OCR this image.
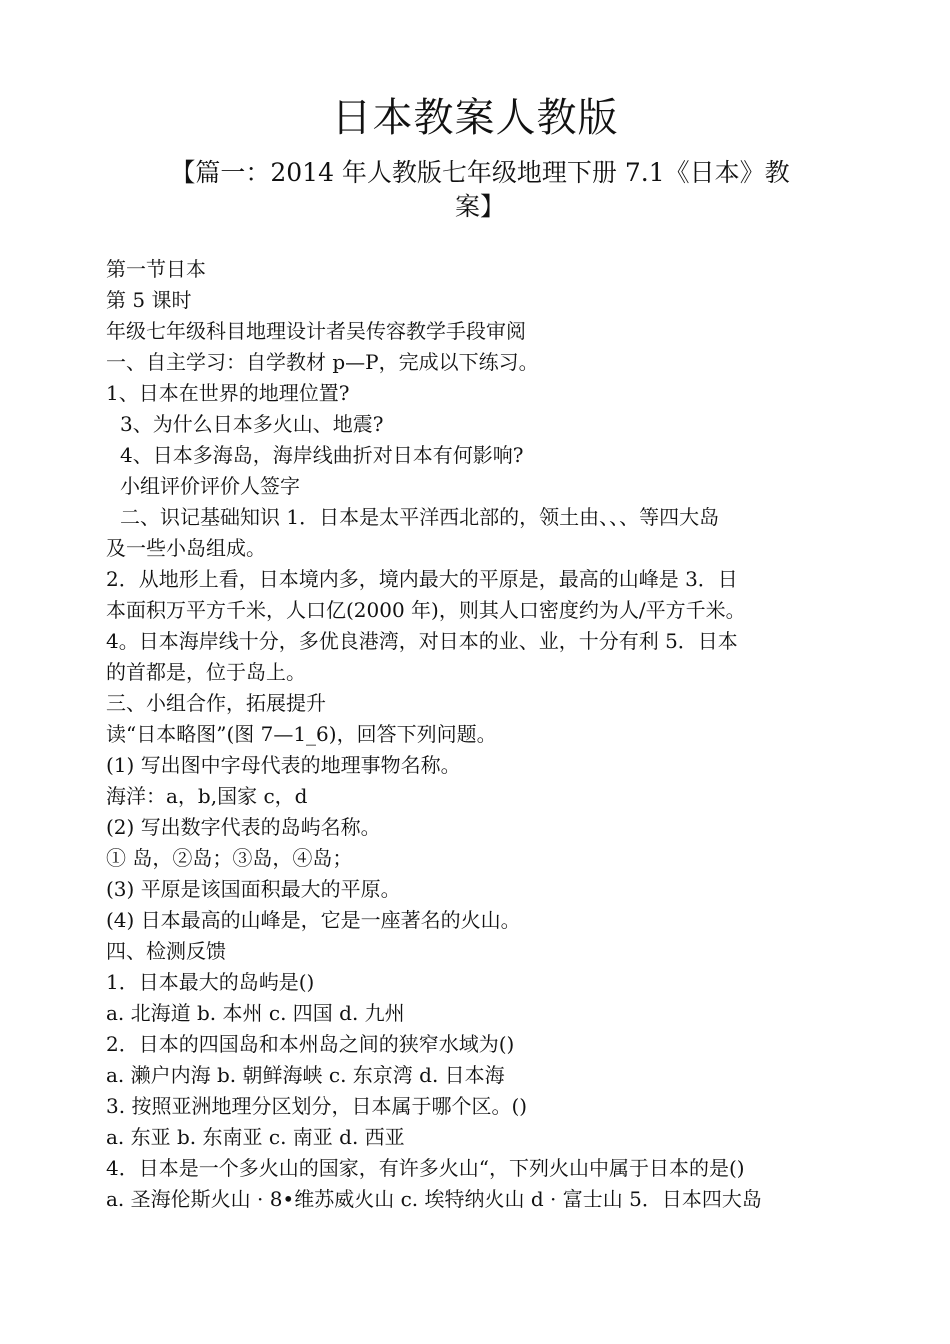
日本教案人教版
【篇一：2014 年人教版七年级地理下册 7.1《日本》教
案】
第一节日本
第 5 课时
年级七年级科目地理设计者吴传容教学手段审阅
一、自主学习：自学教材 p—P，完成以下练习。
1、日本在世界的地理位置?
3、为什么日本多火山、地震?
4、日本多海岛，海岸线曲折对日本有何影响?
小组评价评价人签字
二、识记基础知识 1．日本是太平洋西北部的，领土由、、、等四大岛
及一些小岛组成。
2．从地形上看，日本境内多，境内最大的平原是，最高的山峰是 3．日
本面积万平方千米，人口亿(2000 年)，则其人口密度约为人/平方千米。
4。日本海岸线十分，多优良港湾，对日本的业、业，十分有利 5．日本
的首都是，位于岛上。
三、小组合作，拓展提升
读“日本略图”(图 7—1_6)，回答下列问题。
(1) 写出图中字母代表的地理事物名称。
海洋：a，b,国家 c，d
(2) 写出数字代表的岛屿名称。
① 岛，②岛；③岛，④岛；
(3) 平原是该国面积最大的平原。
(4) 日本最高的山峰是，它是一座著名的火山。
四、检测反馈
1．日本最大的岛屿是()
a. 北海道 b. 本州 c. 四国 d. 九州
2．日本的四国岛和本州岛之间的狭窄水域为()
a. 濑户内海 b. 朝鲜海峡 c. 东京湾 d. 日本海
3. 按照亚洲地理分区划分，日本属于哪个区。()
a. 东亚 b. 东南亚 c. 南亚 d. 西亚
4．日本是一个多火山的国家，有许多火山“，下列火山中属于日本的是()
a. 圣海伦斯火山 · 8•维苏威火山 c. 埃特纳火山 d · 富士山 5．日本四大岛
